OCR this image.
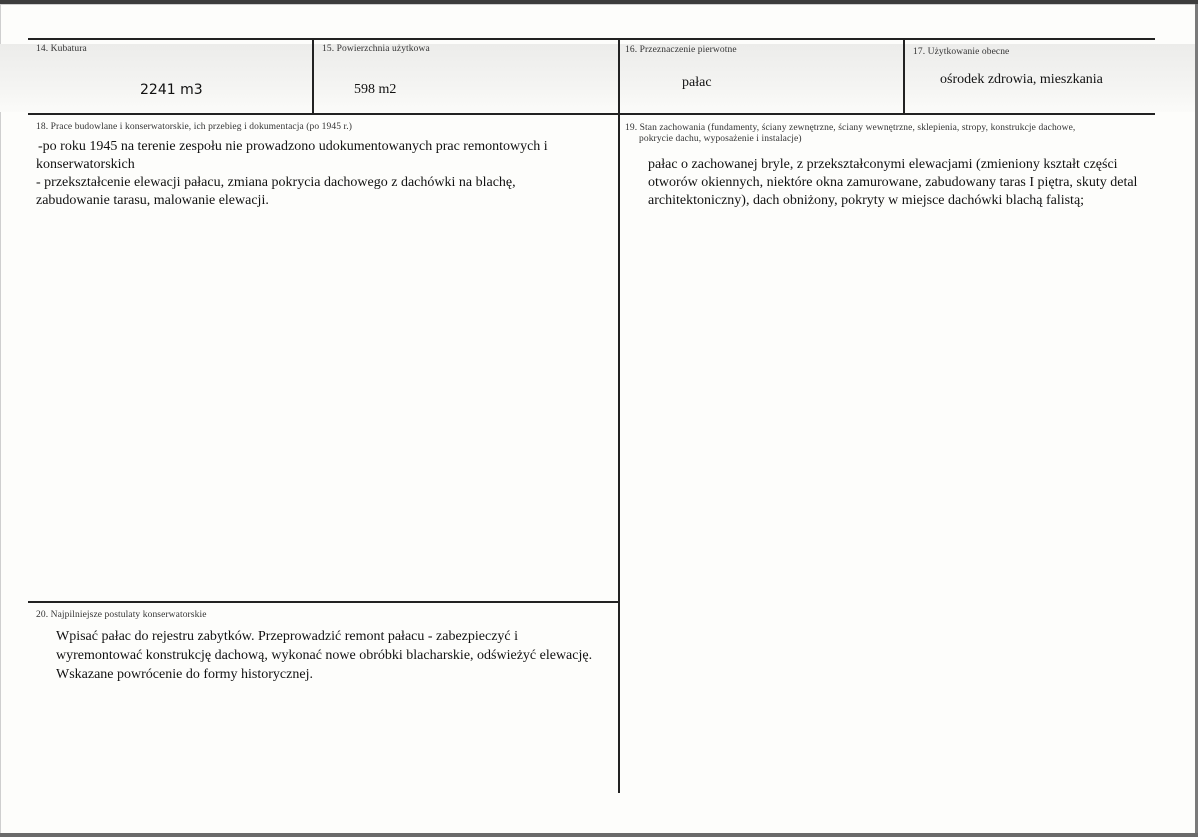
14. Kubatura
2241 m3
15. Powierzchnia użytkowa
598 m2
16. Przeznaczenie pierwotne
pałac
17. Użytkowanie obecne
ośrodek zdrowia, mieszkania
18. Prace budowlane i konserwatorskie, ich przebieg i dokumentacja (po 1945 r.)
-po roku 1945 na terenie zespołu nie prowadzono udokumentowanych prac remontowych i
konserwatorskich
- przekształcenie elewacji pałacu, zmiana pokrycia dachowego z dachówki na blachę,
zabudowanie tarasu, malowanie elewacji.
19. Stan zachowania (fundamenty, ściany zewnętrzne, ściany wewnętrzne, sklepienia, stropy, konstrukcje dachowe,
pokrycie dachu, wyposażenie i instalacje)
pałac o zachowanej bryle, z przekształconymi elewacjami (zmieniony kształt części
otworów okiennych, niektóre okna zamurowane, zabudowany taras I piętra, skuty detal
architektoniczny), dach obniżony, pokryty w miejsce dachówki blachą falistą;
20. Najpilniejsze postulaty konserwatorskie
Wpisać pałac do rejestru zabytków. Przeprowadzić remont pałacu - zabezpieczyć i
wyremontować konstrukcję dachową, wykonać nowe obróbki blacharskie, odświeżyć elewację.
Wskazane powrócenie do formy historycznej.
